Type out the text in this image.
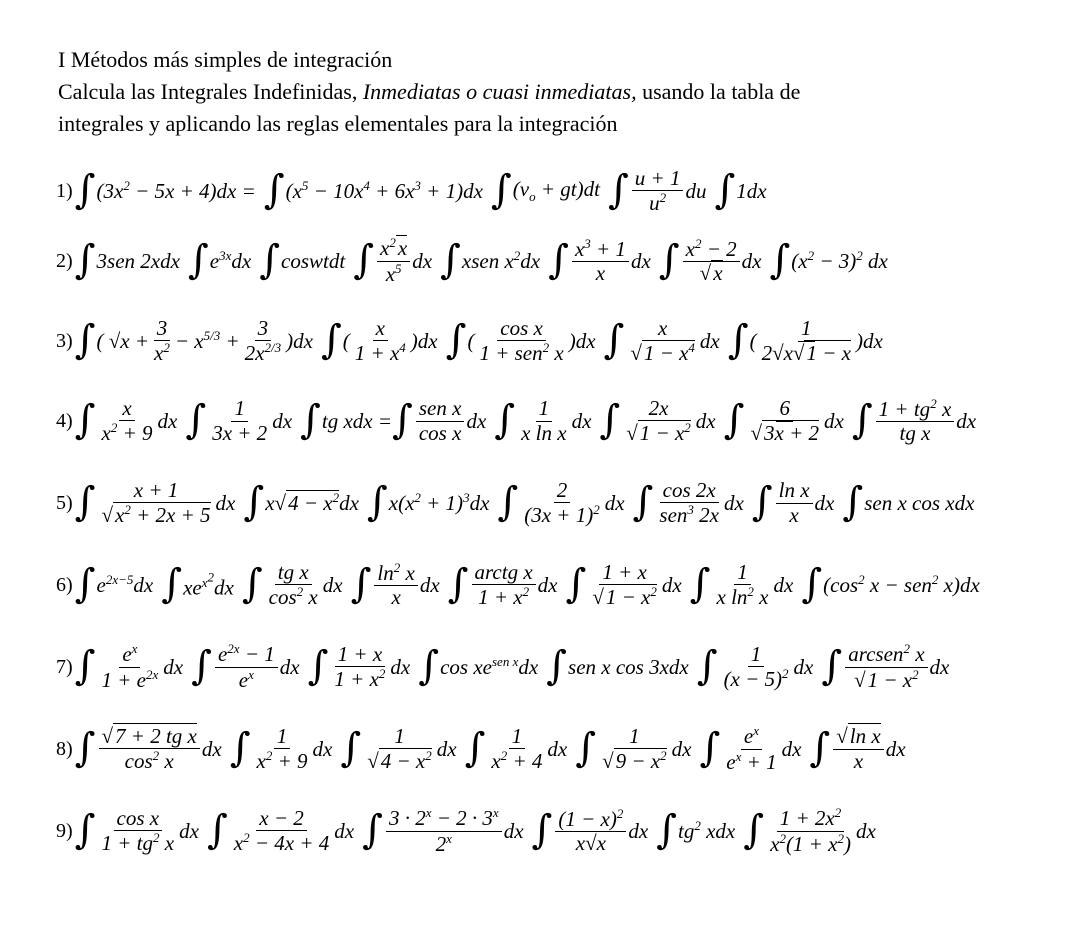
I Métodos más simples de integración
Calcula las Integrales Indefinidas, Inmediatas o cuasi inmediatas, usando la tabla de
integrales y aplicando las reglas elementales para la integración
1) ∫ $(3x^2 - 5x + 4)dx$ = ∫ $(x^5 - 10x^4 + 6x^3 + 1)dx$ ∫ $(v_o + gt)dt$ ∫ $\frac{u + 1}{u^2}$ du ∫ 1dx
2) ∫ 3sen 2xdx ∫ $e^{3x}dx$ ∫ coswtdt ∫ $\frac{x^2x}{x^5}$ dx ∫ xsen $x^2dx$ ∫ $\frac{x^3 + 1}{x}$ dx ∫ $\frac{x^2 - 2}{√x}$ dx ∫ $(x^2 - 3)^2$ dx
3) ∫ ( $√x + \frac{3}{x^2} - x^{5/3} + \frac{3}{2x^{2/3}} )dx$ ∫ ( $\frac{x}{1 + x^4} )dx$ ∫ ( $\frac{\text{cos x}}{1 + sen^2 x} )dx$ ∫ $\frac{x}{√1 - x^4}$ dx ∫ ( $\frac{1}{2√x√1 - x} )dx$
4) ∫ $\frac{x}{x^2 + 9}$ dx ∫ $\frac{1}{3x + 2}$ dx ∫ tg xdx = ∫ $\frac{\text{sen x}}{\text{cos x}}$ dx ∫ $\frac{1}{\text{x ln x}}$ dx ∫ $\frac{2x}{√1 - x^2}$ dx ∫ $\frac{6}{√3x + 2}$ dx ∫ $\frac{1 + tg^2 x}{\text{tg x}}$ dx
5) ∫ $\frac{x + 1}{√x^2 + 2x + 5}$ dx ∫ $x√4 - x^2dx$ ∫ $x(x^2 + 1)^3dx$ ∫ $\frac{2}{(3x + 1)^2}$ dx ∫ $\frac{\cos 2x}{sen^3 2x}$ dx ∫ $\frac{\text{ln x}}{x}$ dx ∫ sen x cos xdx
6) ∫ $e^{2x-5}dx$ ∫ $xe^{x^2}dx$ ∫ $\frac{\text{tg x}}{\cos^2 x}$ dx ∫ $\frac{\ln^2 x}{x}$ dx ∫ $\frac{\text{arctg x}}{1 + x^2}$ dx ∫ $\frac{1 + x}{√1 - x^2}$ dx ∫ $\frac{1}{x \ln^2 x}$ dx ∫ ($\cos^2$ x − sen$^2$ x)dx
7) ∫ $\frac{e^x}{1 + e^{2x}}$ dx ∫ $\frac{e^{2x} - 1}{e^x}$ dx ∫ $\frac{1 + x}{1 + x^2}$ dx ∫ $\cos xe^{sen x}dx$ ∫ sen x cos 3xdx ∫ $\frac{1}{(x - 5)^2}$ dx ∫ $\frac{arcsen^2 x}{√1 - x^2}$ dx
8) ∫ $\frac{\text{√7 + 2 tg x}}{\cos^2 x}$ dx ∫ $\frac{1}{x^2 + 9}$ dx ∫ $\frac{1}{√4 - x^2}$ dx ∫ $\frac{1}{x^2 + 4}$ dx ∫ $\frac{1}{√9 - x^2}$ dx ∫ $\frac{e^x}{e^x + 1}$ dx ∫ $\frac{\text{√ln x}}{x}$ dx
9) ∫ $\frac{\text{cos x}}{1 + tg^2 x}$ dx ∫ $\frac{x - 2}{x^2 - 4x + 4}$ dx ∫ $\frac{3 \cdot 2^x - 2 \cdot 3^x}{2^x}$ dx ∫ $\frac{(1 - x)^2}{x√x}$ dx ∫ $tg^2$ xdx ∫ $\frac{1 + 2x^2}{x^2(1 + x^2)}$ dx
